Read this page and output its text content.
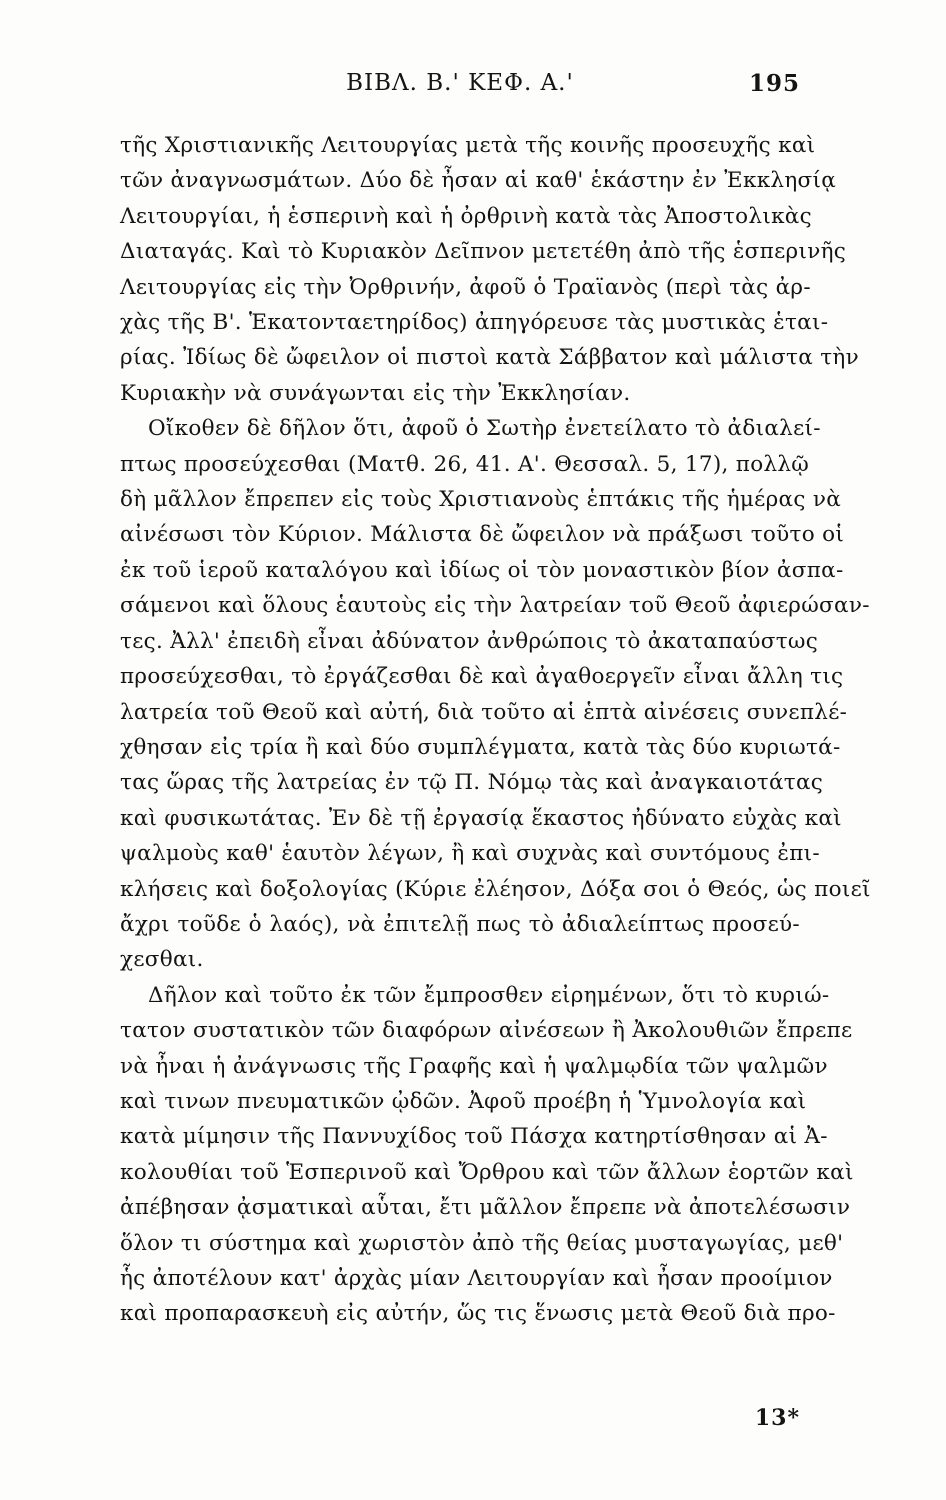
ΒΙΒΛ. Β.' ΚΕΦ. Α.'	195
τῆς Χριστιανικῆς Λειτουργίας μετὰ τῆς κοινῆς προσευχῆς καὶ
τῶν ἀναγνωσμάτων. Δύο δὲ ἦσαν αἱ καθ' ἑκάστην ἐν Ἐκκλησίᾳ
Λειτουργίαι, ἡ ἑσπερινὴ καὶ ἡ ὀρθρινὴ κατὰ τὰς Ἀποστολικὰς
Διαταγάς. Καὶ τὸ Κυριακὸν Δεῖπνον μετετέθη ἀπὸ τῆς ἑσπερινῆς
Λειτουργίας εἰς τὴν Ὀρθρινήν, ἀφοῦ ὁ Τραϊανὸς (περὶ τὰς ἀρ-
χὰς τῆς Β'. Ἑκατονταετηρίδος) ἀπηγόρευσε τὰς μυστικὰς ἑται-
ρίας. Ἰδίως δὲ ὤφειλον οἱ πιστοὶ κατὰ Σάββατον καὶ μάλιστα τὴν
Κυριακὴν νὰ συνάγωνται εἰς τὴν Ἐκκλησίαν.
Οἴκοθεν δὲ δῆλον ὅτι, ἀφοῦ ὁ Σωτὴρ ἐνετείλατο τὸ ἀδιαλεί-
πτως προσεύχεσθαι (Ματθ. 26, 41. Α'. Θεσσαλ. 5, 17), πολλῷ
δὴ μᾶλλον ἔπρεπεν εἰς τοὺς Χριστιανοὺς ἑπτάκις τῆς ἡμέρας νὰ
αἰνέσωσι τὸν Κύριον. Μάλιστα δὲ ὤφειλον νὰ πράξωσι τοῦτο οἱ
ἐκ τοῦ ἱεροῦ καταλόγου καὶ ἰδίως οἱ τὸν μοναστικὸν βίον ἀσπα-
σάμενοι καὶ ὅλους ἑαυτοὺς εἰς τὴν λατρείαν τοῦ Θεοῦ ἀφιερώσαν-
τες. Ἀλλ' ἐπειδὴ εἶναι ἀδύνατον ἀνθρώποις τὸ ἀκαταπαύστως
προσεύχεσθαι, τὸ ἐργάζεσθαι δὲ καὶ ἀγαθοεργεῖν εἶναι ἄλλη τις
λατρεία τοῦ Θεοῦ καὶ αὐτή, διὰ τοῦτο αἱ ἑπτὰ αἰνέσεις συνεπλέ-
χθησαν εἰς τρία ἢ καὶ δύο συμπλέγματα, κατὰ τὰς δύο κυριωτά-
τας ὥρας τῆς λατρείας ἐν τῷ Π. Νόμῳ τὰς καὶ ἀναγκαιοτάτας
καὶ φυσικωτάτας. Ἐν δὲ τῇ ἐργασίᾳ ἕκαστος ἠδύνατο εὐχὰς καὶ
ψαλμοὺς καθ' ἑαυτὸν λέγων, ἢ καὶ συχνὰς καὶ συντόμους ἐπι-
κλήσεις καὶ δοξολογίας (Κύριε ἐλέησον, Δόξα σοι ὁ Θεός, ὡς ποιεῖ
ἄχρι τοῦδε ὁ λαός), νὰ ἐπιτελῇ πως τὸ ἀδιαλείπτως προσεύ-
χεσθαι.
Δῆλον καὶ τοῦτο ἐκ τῶν ἔμπροσθεν εἰρημένων, ὅτι τὸ κυριώ-
τατον συστατικὸν τῶν διαφόρων αἰνέσεων ἢ Ἀκολουθιῶν ἔπρεπε
νὰ ἦναι ἡ ἀνάγνωσις τῆς Γραφῆς καὶ ἡ ψαλμῳδία τῶν ψαλμῶν
καὶ τινων πνευματικῶν ᾠδῶν. Ἀφοῦ προέβη ἡ Ὑμνολογία καὶ
κατὰ μίμησιν τῆς Παννυχίδος τοῦ Πάσχα κατηρτίσθησαν αἱ Ἀ-
κολουθίαι τοῦ Ἑσπερινοῦ καὶ Ὄρθρου καὶ τῶν ἄλλων ἑορτῶν καὶ
ἀπέβησαν ᾀσματικαὶ αὗται, ἔτι μᾶλλον ἔπρεπε νὰ ἀποτελέσωσιν
ὅλον τι σύστημα καὶ χωριστὸν ἀπὸ τῆς θείας μυσταγωγίας, μεθ'
ἧς ἀποτέλουν κατ' ἀρχὰς μίαν Λειτουργίαν καὶ ἦσαν προοίμιον
καὶ προπαρασκευὴ εἰς αὐτήν, ὥς τις ἕνωσις μετὰ Θεοῦ διὰ προ-
13*
